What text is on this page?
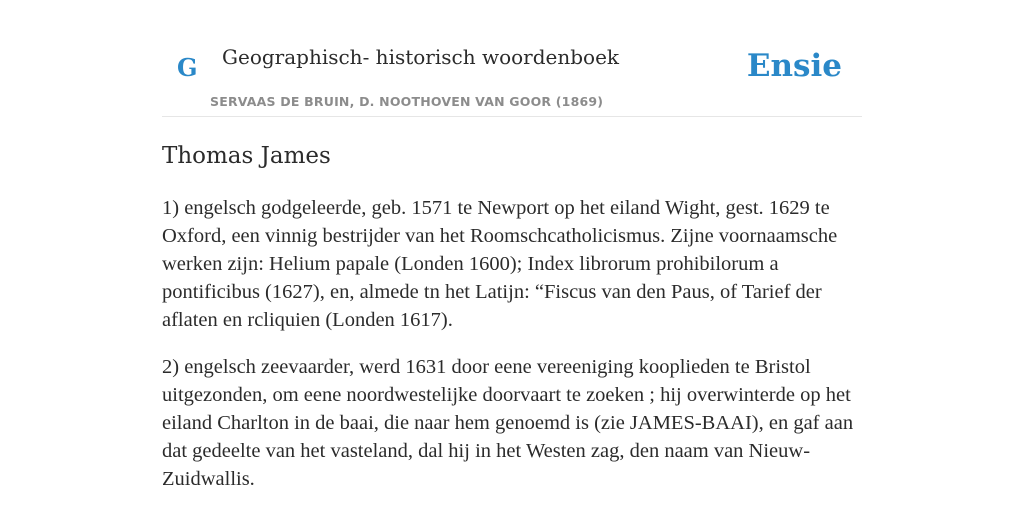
G Geographisch- historisch woordenboek
SERVAAS DE BRUIN, D. NOOTHOVEN VAN GOOR (1869)
Ensie
Thomas James

1) engelsch godgeleerde, geb. 1571 te Newport op het eiland Wight, gest. 1629 te Oxford, een vinnig bestrijder van het Roomschcatholicismus. Zijne voornaamsche werken zijn: Helium papale (Londen 1600); Index librorum prohibilorum a pontificibus (1627), en, almede tn het Latijn: “Fiscus van den Paus, of Tarief der aflaten en rcliquien (Londen 1617).

2) engelsch zeevaarder, werd 1631 door eene vereeniging kooplieden te Bristol uitgezonden, om eene noordwestelijke doorvaart te zoeken ; hij overwinterde op het eiland Charlton in de baai, die naar hem genoemd is (zie JAMES-BAAI), en gaf aan dat gedeelte van het vasteland, dal hij in het Westen zag, den naam van Nieuw-Zuidwallis.
